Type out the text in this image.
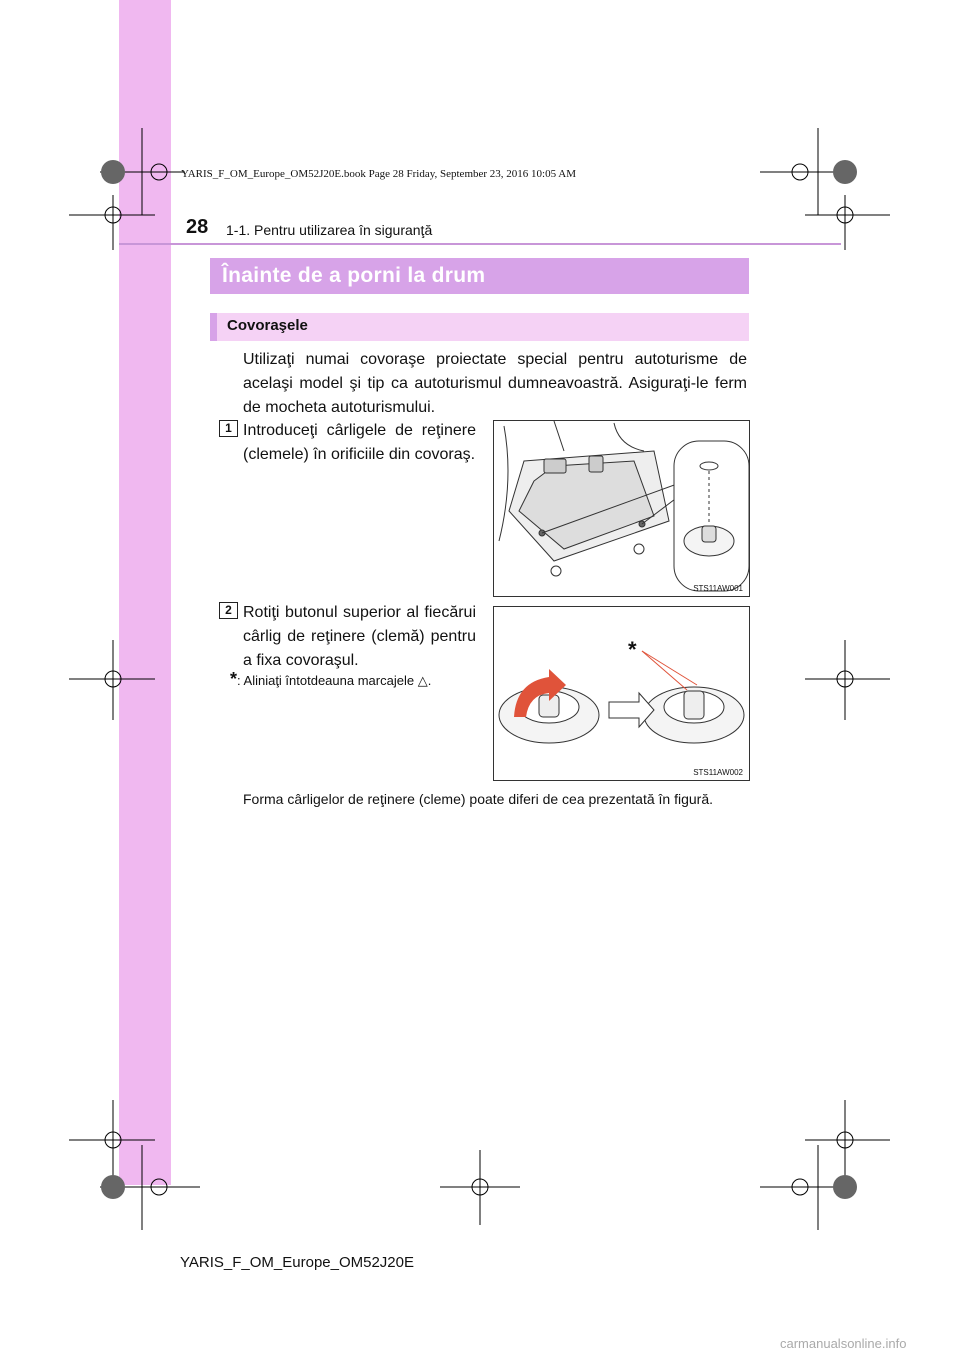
YARIS_F_OM_Europe_OM52J20E.book Page 28 Friday, September 23, 2016 10:05 AM
28 1-1. Pentru utilizarea în siguranţă
Înainte de a porni la drum
Covoraşele
Utilizaţi numai covoraşe proiectate special pentru autoturisme de acelaşi model şi tip ca autoturismul dumneavoastră. Asiguraţi-le ferm de mocheta autoturismului.
1 Introduceţi cârligele de reţinere (clemele) în orificiile din covoraş.
STS11AW001
2 Rotiţi butonul superior al fiecărui cârlig de reţinere (clemă) pentru a fixa covoraşul.
*: Aliniaţi întotdeauna marcajele △.
*
STS11AW002
Forma cârligelor de reţinere (cleme) poate diferi de cea prezentată în figură.
YARIS_F_OM_Europe_OM52J20E
carmanualsonline.info
